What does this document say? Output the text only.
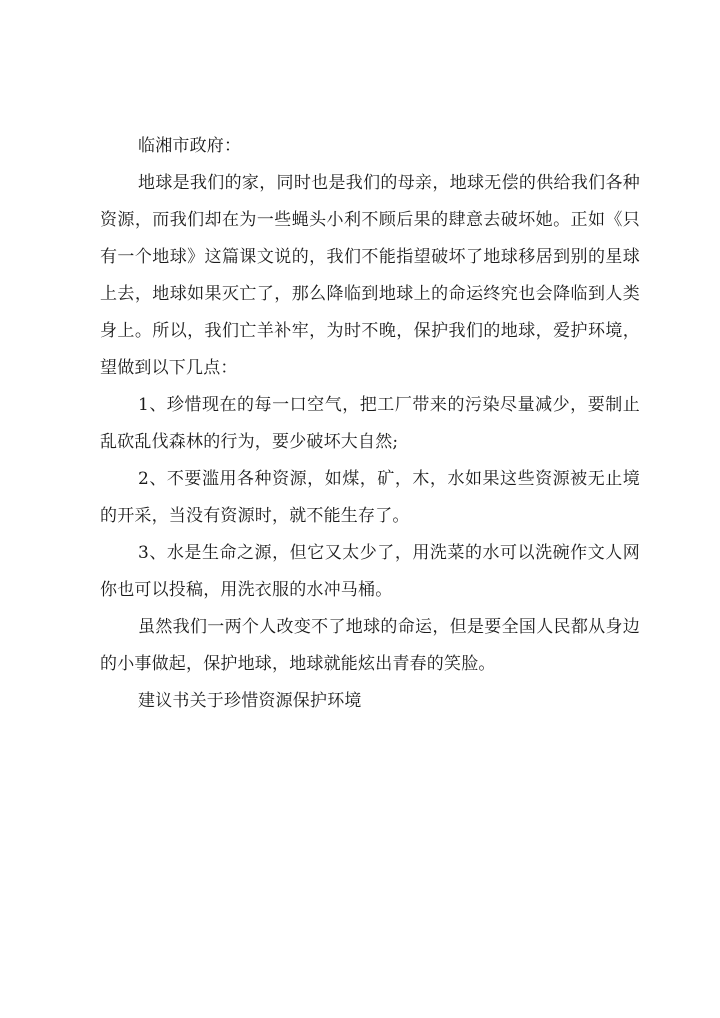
临湘市政府：

地球是我们的家，同时也是我们的母亲，地球无偿的供给我们各种资源，而我们却在为一些蝇头小利不顾后果的肆意去破坏她。正如《只有一个地球》这篇课文说的，我们不能指望破坏了地球移居到别的星球上去，地球如果灭亡了，那么降临到地球上的命运终究也会降临到人类身上。所以，我们亡羊补牢，为时不晚，保护我们的地球，爱护环境，望做到以下几点：

1、珍惜现在的每一口空气，把工厂带来的污染尽量减少，要制止乱砍乱伐森林的行为，要少破坏大自然;

2、不要滥用各种资源，如煤，矿，木，水如果这些资源被无止境的开采，当没有资源时，就不能生存了。

3、水是生命之源，但它又太少了，用洗菜的水可以洗碗作文人网你也可以投稿，用洗衣服的水冲马桶。

虽然我们一两个人改变不了地球的命运，但是要全国人民都从身边的小事做起，保护地球，地球就能炫出青春的笑脸。

建议书关于珍惜资源保护环境
